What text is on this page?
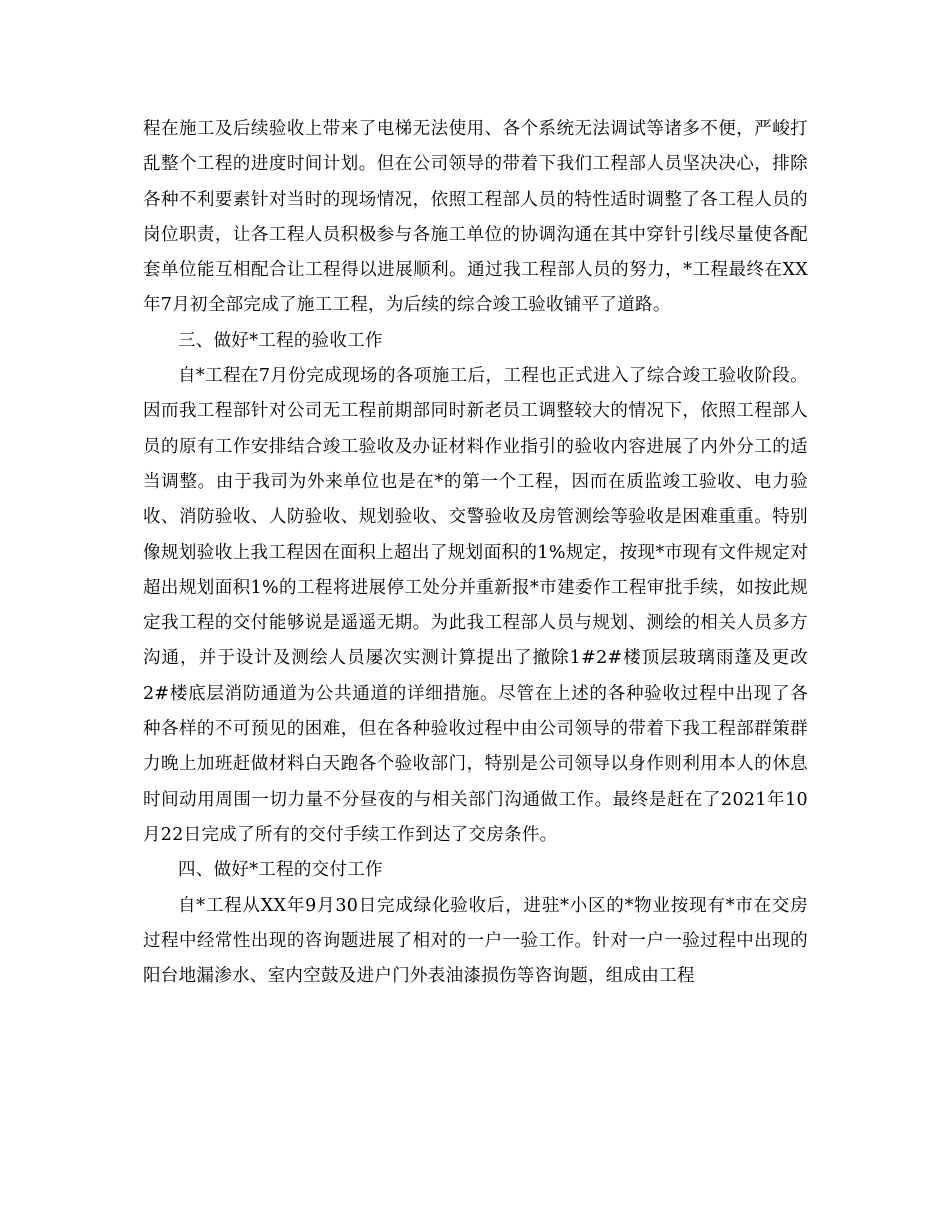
程在施工及后续验收上带来了电梯无法使用、各个系统无法调试等诸多不便，严峻打乱整个工程的进度时间计划。但在公司领导的带着下我们工程部人员坚决决心，排除各种不利要素针对当时的现场情况，依照工程部人员的特性适时调整了各工程人员的岗位职责，让各工程人员积极参与各施工单位的协调沟通在其中穿针引线尽量使各配套单位能互相配合让工程得以进展顺利。通过我工程部人员的努力，*工程最终在XX年7月初全部完成了施工工程，为后续的综合竣工验收铺平了道路。

三、做好*工程的验收工作

自*工程在7月份完成现场的各项施工后，工程也正式进入了综合竣工验收阶段。因而我工程部针对公司无工程前期部同时新老员工调整较大的情况下，依照工程部人员的原有工作安排结合竣工验收及办证材料作业指引的验收内容进展了内外分工的适当调整。由于我司为外来单位也是在*的第一个工程，因而在质监竣工验收、电力验收、消防验收、人防验收、规划验收、交警验收及房管测绘等验收是困难重重。特别像规划验收上我工程因在面积上超出了规划面积的1%规定，按现*市现有文件规定对超出规划面积1%的工程将进展停工处分并重新报*市建委作工程审批手续，如按此规定我工程的交付能够说是遥遥无期。为此我工程部人员与规划、测绘的相关人员多方沟通，并于设计及测绘人员屡次实测计算提出了撤除1#2#楼顶层玻璃雨蓬及更改2#楼底层消防通道为公共通道的详细措施。尽管在上述的各种验收过程中出现了各种各样的不可预见的困难，但在各种验收过程中由公司领导的带着下我工程部群策群力晚上加班赶做材料白天跑各个验收部门，特别是公司领导以身作则利用本人的休息时间动用周围一切力量不分昼夜的与相关部门沟通做工作。最终是赶在了2021年10月22日完成了所有的交付手续工作到达了交房条件。

四、做好*工程的交付工作

自*工程从XX年9月30日完成绿化验收后，进驻*小区的*物业按现有*市在交房过程中经常性出现的咨询题进展了相对的一户一验工作。针对一户一验过程中出现的阳台地漏渗水、室内空鼓及进户门外表油漆损伤等咨询题，组成由工程
